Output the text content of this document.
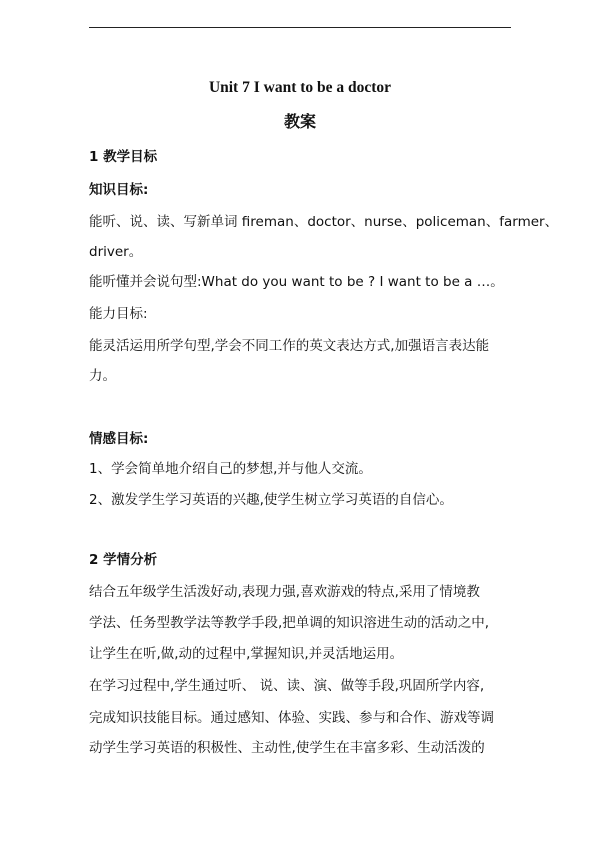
Unit 7 I want to be a doctor
教案
1 教学目标
知识目标:
能听、说、读、写新单词 fireman、doctor、nurse、policeman、farmer、
driver。
能听懂并会说句型:What do you want to be ? I want to be a …。
能力目标:
能灵活运用所学句型,学会不同工作的英文表达方式,加强语言表达能
力。
情感目标:
1、学会简单地介绍自己的梦想,并与他人交流。
2、激发学生学习英语的兴趣,使学生树立学习英语的自信心。
2 学情分析
结合五年级学生活泼好动,表现力强,喜欢游戏的特点,采用了情境教
学法、任务型教学法等教学手段,把单调的知识溶进生动的活动之中,
让学生在听,做,动的过程中,掌握知识,并灵活地运用。
在学习过程中,学生通过听、 说、读、演、做等手段,巩固所学内容,
完成知识技能目标。通过感知、体验、实践、参与和合作、游戏等调
动学生学习英语的积极性、主动性,使学生在丰富多彩、生动活泼的
